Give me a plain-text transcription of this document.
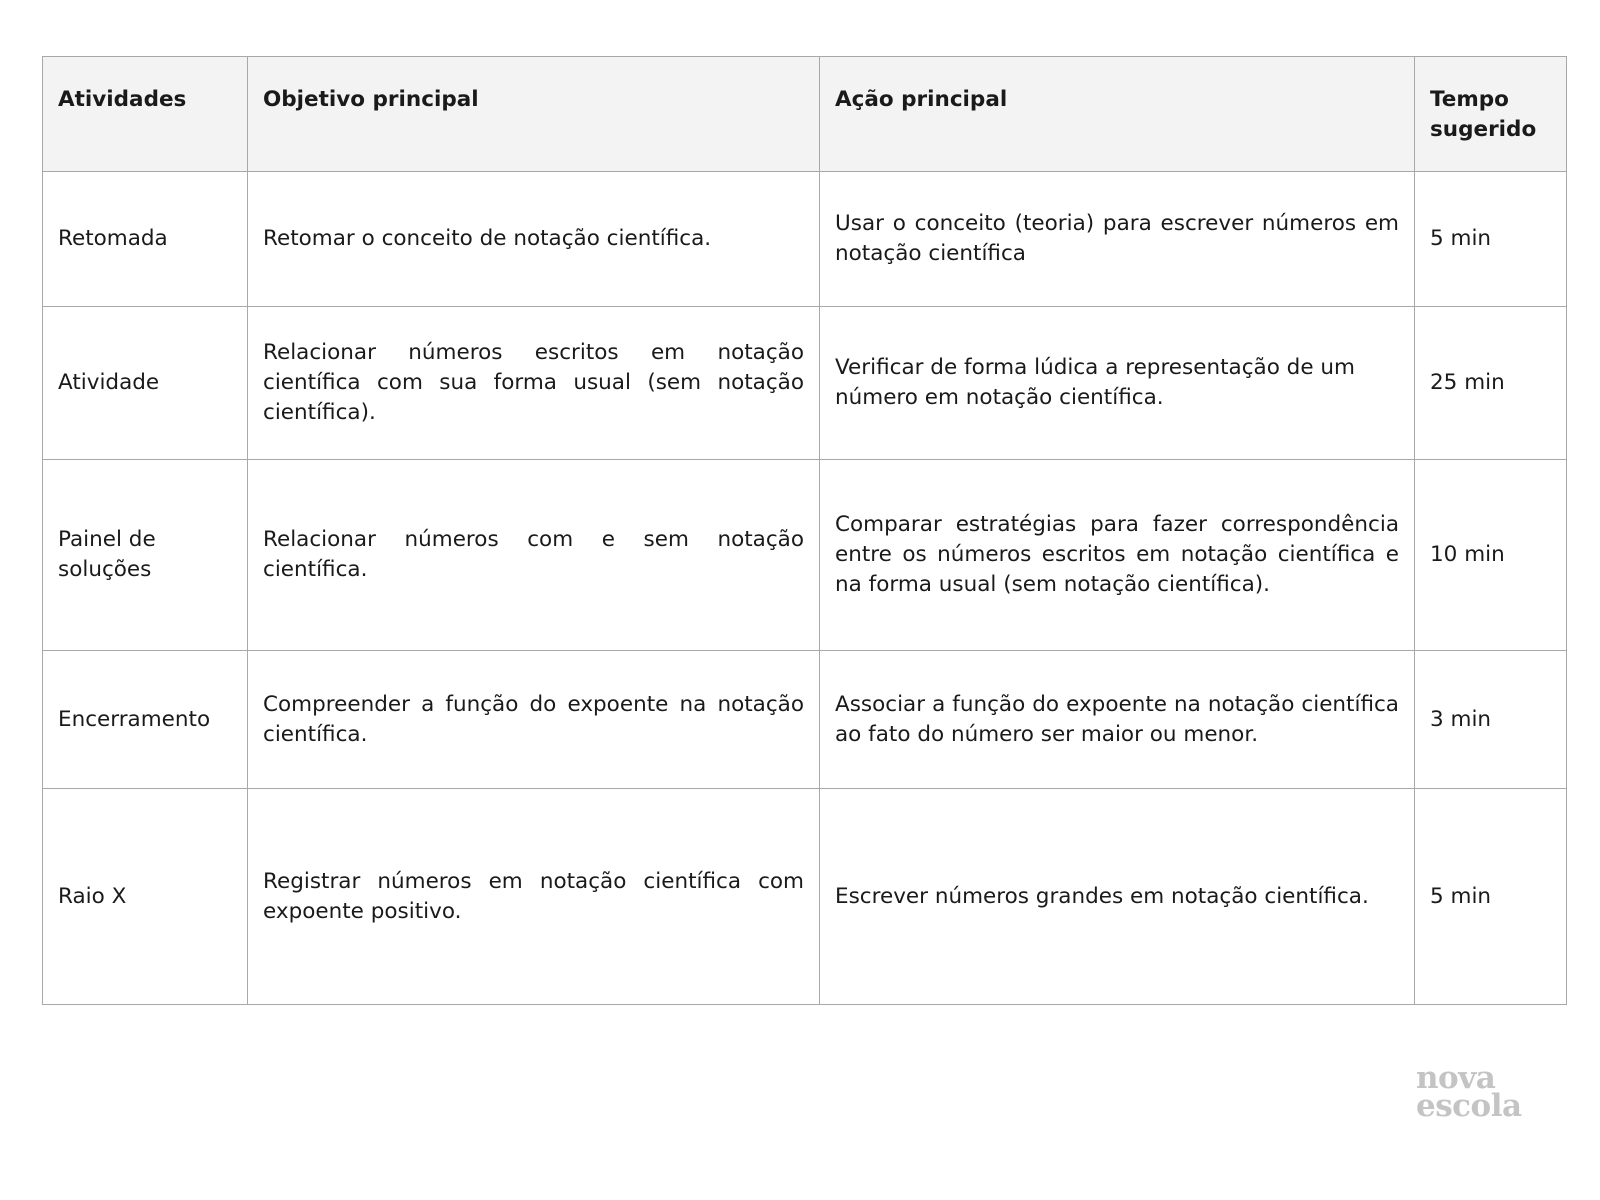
Atividades	Objetivo principal	Ação principal	Tempo sugerido
Retomada	Retomar o conceito de notação científica.	Usar o conceito (teoria) para escrever números em notação científica	5 min
Atividade	Relacionar números escritos em notação científica com sua forma usual (sem notação científica).	Verificar de forma lúdica a representação de um número em notação científica.	25 min
Painel de soluções	Relacionar números com e sem notação científica.	Comparar estratégias para fazer correspondência entre os números escritos em notação científica e na forma usual (sem notação científica).	10 min
Encerramento	Compreender a função do expoente na notação científica.	Associar a função do expoente na notação científica ao fato do número ser maior ou menor.	3 min
Raio X	Registrar números em notação científica com expoente positivo.	Escrever números grandes em notação científica.	5 min
nova
escola
